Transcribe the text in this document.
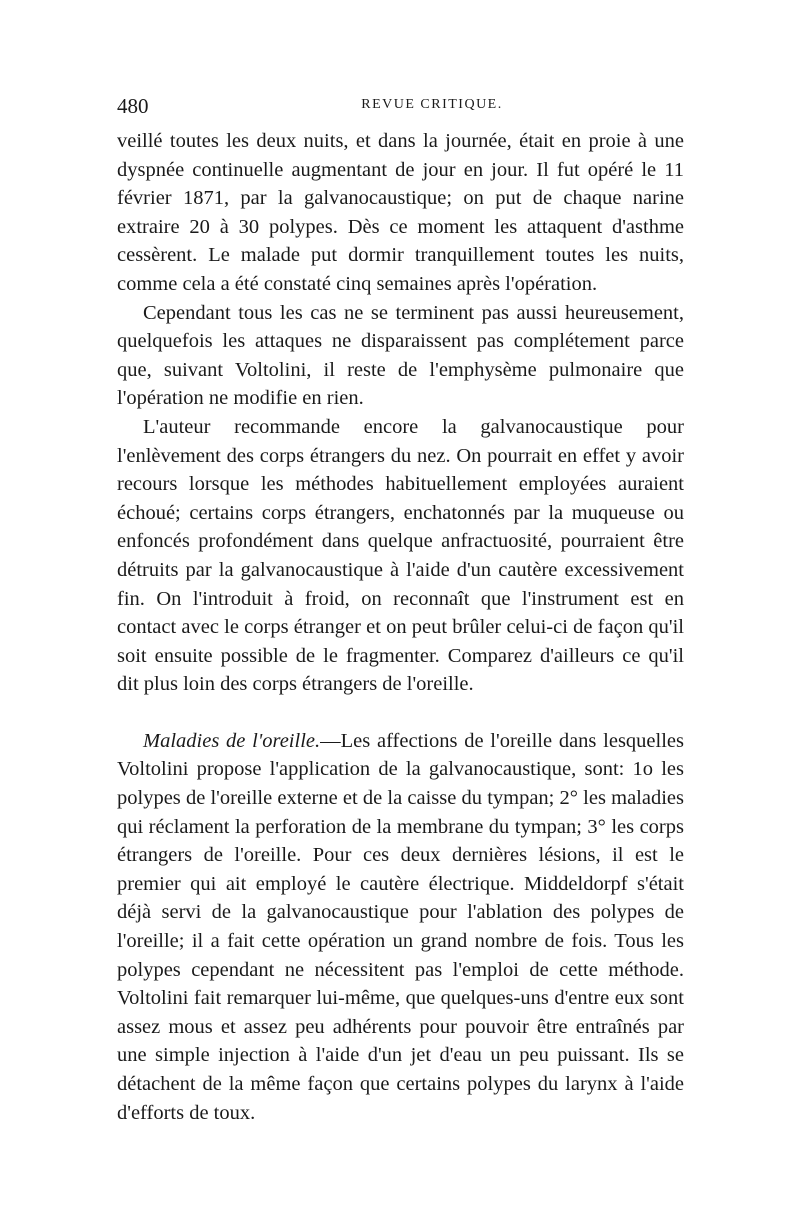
480	REVUE CRITIQUE.

veillé toutes les deux nuits, et dans la journée, était en proie à une dyspnée continuelle augmentant de jour en jour. Il fut opéré le 11 février 1871, par la galvanocaustique; on put de chaque narine extraire 20 à 30 polypes. Dès ce moment les attaquent d'asthme cessèrent. Le malade put dormir tranquillement toutes les nuits, comme cela a été constaté cinq semaines après l'opération.

Cependant tous les cas ne se terminent pas aussi heureusement, quelquefois les attaques ne disparaissent pas complétement parce que, suivant Voltolini, il reste de l'emphysème pulmonaire que l'opération ne modifie en rien.

L'auteur recommande encore la galvanocaustique pour l'enlèvement des corps étrangers du nez. On pourrait en effet y avoir recours lorsque les méthodes habituellement employées auraient échoué; certains corps étrangers, enchatonnés par la muqueuse ou enfoncés profondément dans quelque anfractuosité, pourraient être détruits par la galvanocaustique à l'aide d'un cautère excessivement fin. On l'introduit à froid, on reconnaît que l'instrument est en contact avec le corps étranger et on peut brûler celui-ci de façon qu'il soit ensuite possible de le fragmenter. Comparez d'ailleurs ce qu'il dit plus loin des corps étrangers de l'oreille.

Maladies de l'oreille.—Les affections de l'oreille dans lesquelles Voltolini propose l'application de la galvanocaustique, sont: 1o les polypes de l'oreille externe et de la caisse du tympan; 2° les maladies qui réclament la perforation de la membrane du tympan; 3° les corps étrangers de l'oreille. Pour ces deux dernières lésions, il est le premier qui ait employé le cautère électrique. Middeldorpf s'était déjà servi de la galvanocaustique pour l'ablation des polypes de l'oreille; il a fait cette opération un grand nombre de fois. Tous les polypes cependant ne nécessitent pas l'emploi de cette méthode. Voltolini fait remarquer lui-même, que quelques-uns d'entre eux sont assez mous et assez peu adhérents pour pouvoir être entraînés par une simple injection à l'aide d'un jet d'eau un peu puissant. Ils se détachent de la même façon que certains polypes du larynx à l'aide d'efforts de toux.
